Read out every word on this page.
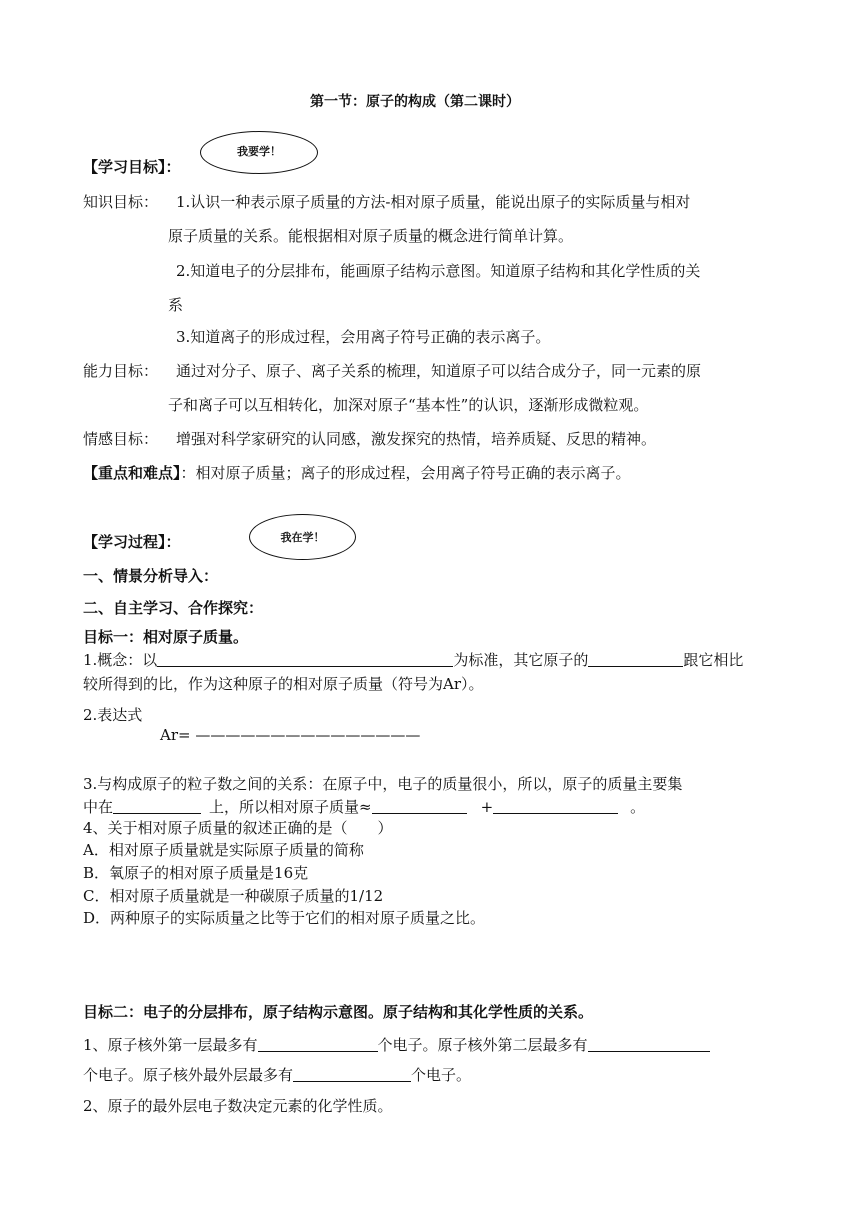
第一节：原子的构成（第二课时）
我要学！
【学习目标】：
知识目标： 1.认识一种表示原子质量的方法-相对原子质量，能说出原子的实际质量与相对
原子质量的关系。能根据相对原子质量的概念进行简单计算。
2.知道电子的分层排布，能画原子结构示意图。知道原子结构和其化学性质的关
系
3.知道离子的形成过程，会用离子符号正确的表示离子。
能力目标： 通过对分子、原子、离子关系的梳理，知道原子可以结合成分子，同一元素的原
子和离子可以互相转化，加深对原子“基本性”的认识，逐渐形成微粒观。
情感目标： 增强对科学家研究的认同感，激发探究的热情，培养质疑、反思的精神。
【重点和难点】：相对原子质量；离子的形成过程，会用离子符号正确的表示离子。
我在学！
【学习过程】：
一、情景分析导入：
二、自主学习、合作探究：
目标一：相对原子质量。
1.概念：以	为标准，其它原子的	跟它相比
较所得到的比，作为这种原子的相对原子质量（符号为Ar）。
2.表达式
Ar= ———————————————
3.与构成原子的粒子数之间的关系：在原子中，电子的质量很小，所以，原子的质量主要集
中在	上，所以相对原子质量≈	+	。
4、关于相对原子质量的叙述正确的是（　　）
A．相对原子质量就是实际原子质量的简称
B．氧原子的相对原子质量是16克
C．相对原子质量就是一种碳原子质量的1/12
D．两种原子的实际质量之比等于它们的相对原子质量之比。
目标二：电子的分层排布，原子结构示意图。原子结构和其化学性质的关系。
1、原子核外第一层最多有	个电子。原子核外第二层最多有
个电子。原子核外最外层最多有	个电子。
2、原子的最外层电子数决定元素的化学性质。
